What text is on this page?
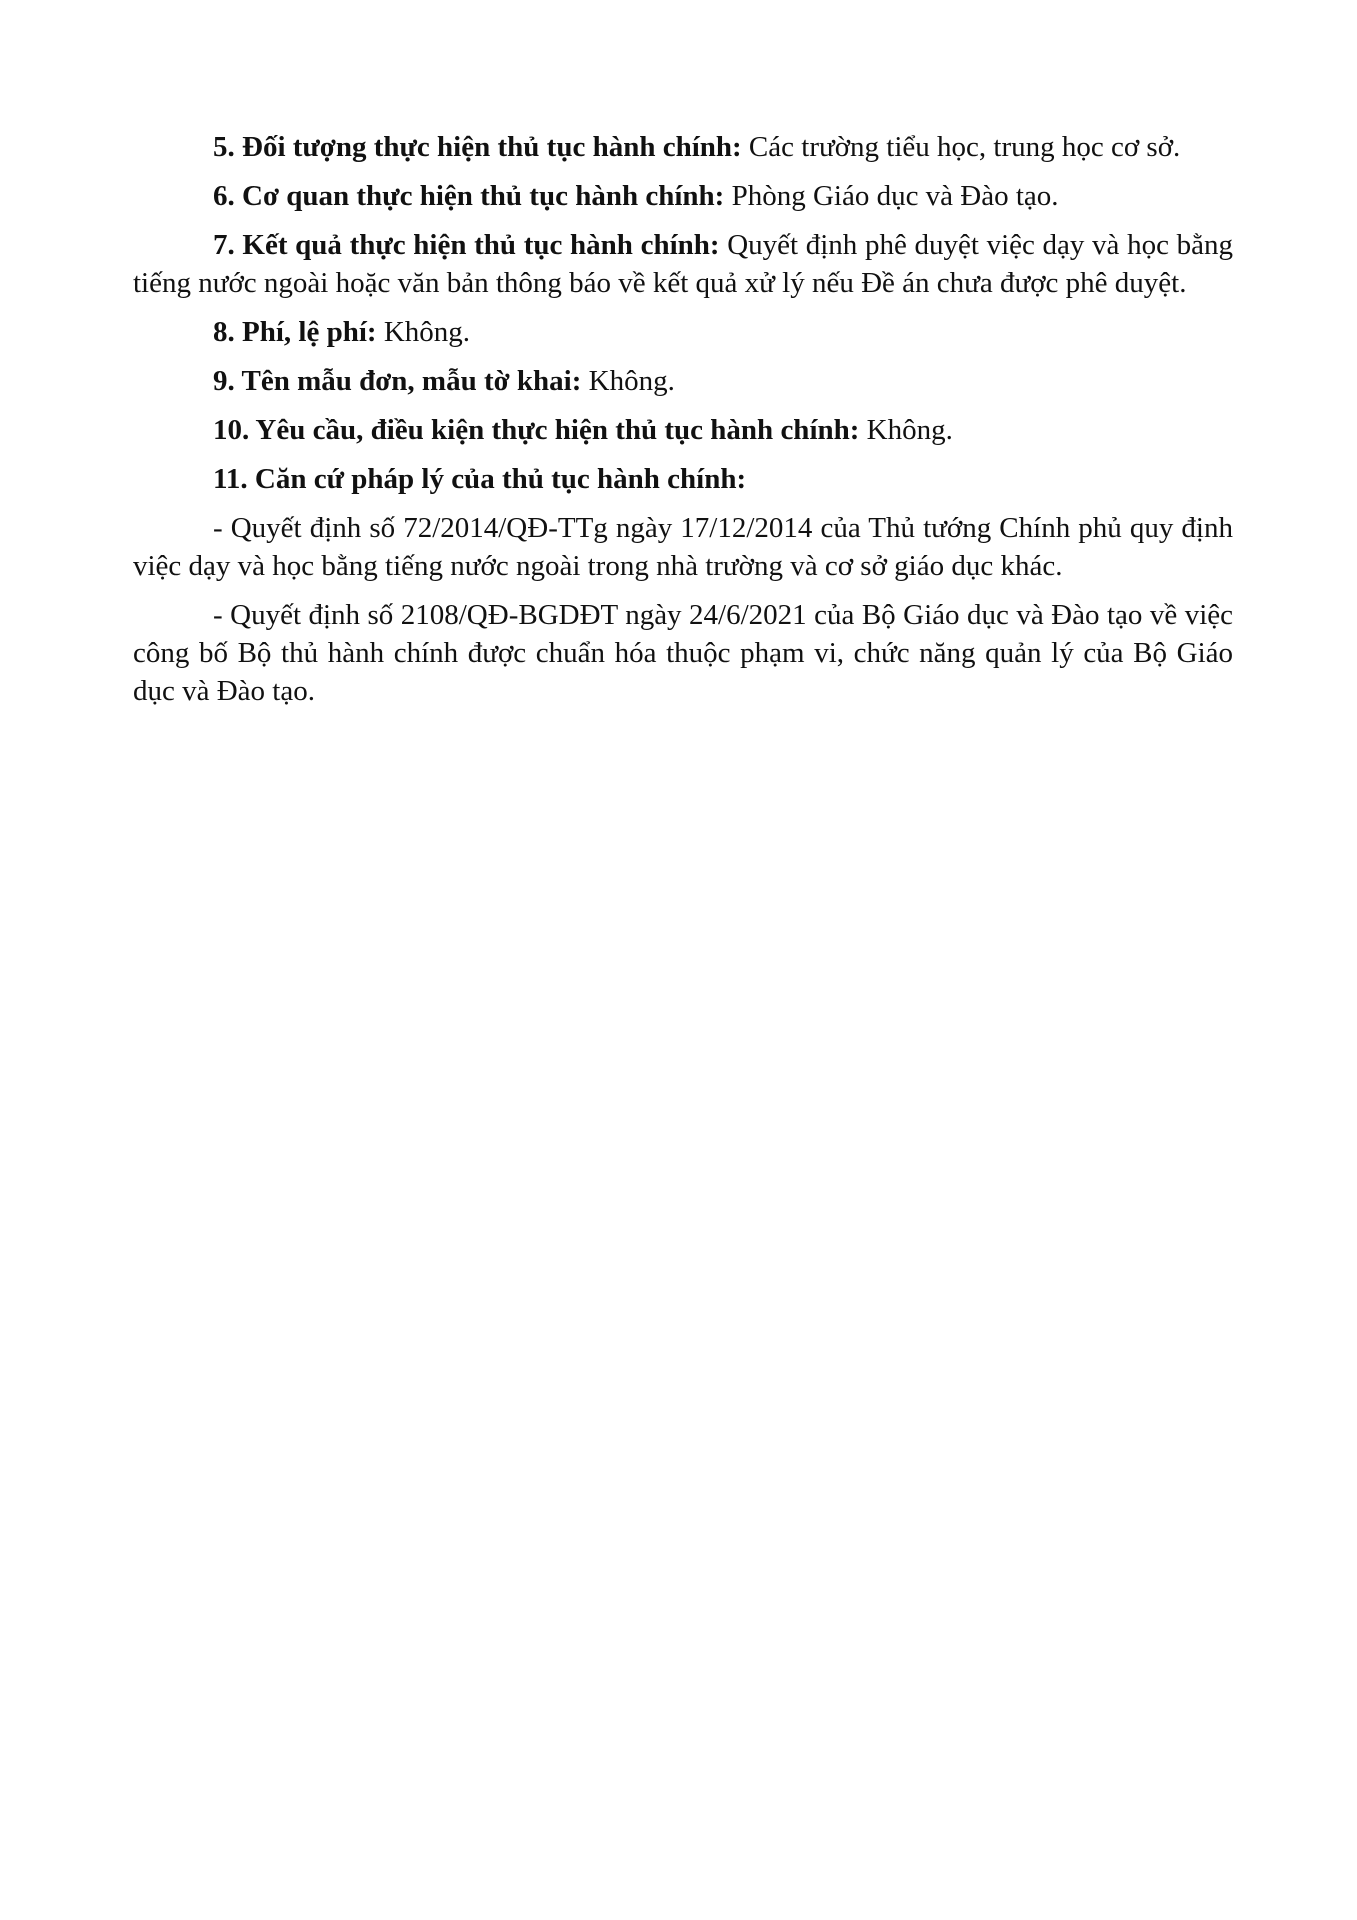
5. Đối tượng thực hiện thủ tục hành chính: Các trường tiểu học, trung học cơ sở.

6. Cơ quan thực hiện thủ tục hành chính: Phòng Giáo dục và Đào tạo.

7. Kết quả thực hiện thủ tục hành chính: Quyết định phê duyệt việc dạy và học bằng tiếng nước ngoài hoặc văn bản thông báo về kết quả xử lý nếu Đề án chưa được phê duyệt.

8. Phí, lệ phí: Không.

9. Tên mẫu đơn, mẫu tờ khai: Không.

10. Yêu cầu, điều kiện thực hiện thủ tục hành chính: Không.

11. Căn cứ pháp lý của thủ tục hành chính:

- Quyết định số 72/2014/QĐ-TTg ngày 17/12/2014 của Thủ tướng Chính phủ quy định việc dạy và học bằng tiếng nước ngoài trong nhà trường và cơ sở giáo dục khác.

- Quyết định số 2108/QĐ-BGDĐT ngày 24/6/2021 của Bộ Giáo dục và Đào tạo về việc công bố Bộ thủ hành chính được chuẩn hóa thuộc phạm vi, chức năng quản lý của Bộ Giáo dục và Đào tạo.
